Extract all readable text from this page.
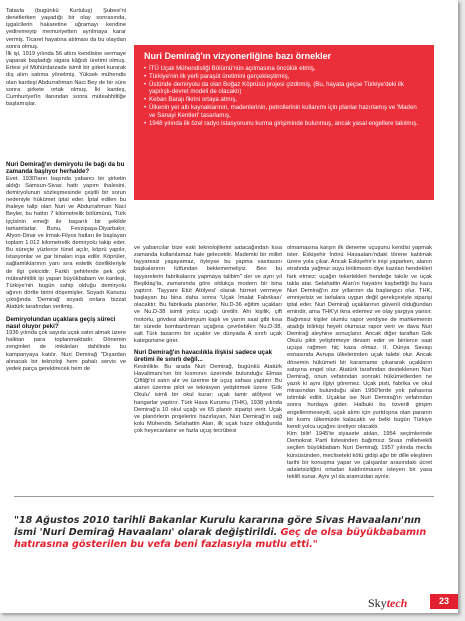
Tatavla (bugünkü Kurtuluş) Şubesi'ni denetlerken yaşadığı bir olay sonrasında, işgalcilerin hakaretine uğramayı kendine yediremeyip memuriyetten ayrılmaya karar vermiş. Ticaret hayatına atılması da bu olaydan sonra olmuş.

İlk işi, 1919 yılında 56 altını kendisine sermaye yaparak başladığı sigara kâğıdı üretimi olmuş. Ertesi yıl Mühürdarzade isimli bir şirket kurarak dış alım satıma yönelmiş. Yüksek mühendis olan kardeşi Abdurrahman Naci Bey de bir süre sonra şirkete ortak olmuş. İki kardeş, Cumhuriyet'in ilanından sonra müteahhitliğe başlamışlar.

Nuri Demirağ'ın demiryolu ile bağı da bu zamanda başlıyor herhalde?

Evet. 1930'ların başında yabancı bir şirketin aldığı Samsun-Sivas hattı yapım ihalesini, demiryolunun sözleşmesinde çeşitli bir sorun nedeniyle hükümet iptal eder. İptal edilen bu ihaleye talip olan Nuri ve Abdurrahman Naci Beyler, bu hattın 7 kilometrelik bölümünü, Türk işçisinin emeği ile başarılı bir şekilde tamamlarlar. Bunu, Fevzipaşa-Diyarbakır, Afyon-Dinar ve Irmak-Filyos hatları ile başlayan toplam 1.012 kilometrelik demiryolu takip eder. Bu süreçte yüzlerce tünel açılır, köprü yapılır, istasyonlar ve gar binaları inşa edilir. Köprüler, sağlamlıklarının yanı sıra estetik özellikleriyle de ilgi çekicidir. Farklı şehirlerde pek çok müteahhitlik işi yapan büyükbabam ve kardeşi, Türkiye'nin bugün sahip olduğu demiryolu ağının dörtte birini döşemişler. Soyadı Kanunu çıktığında 'Demirağ' soyadı onlara bizzat Atatürk tarafından verilmiş.

Demiryolundan uçaklara geçiş süreci nasıl oluyor peki?

1936 yılında çok sayıda uçak satın almak üzere halktan para toplanmaktadır. Dönemin zenginleri de imkânları dahilinde bu kampanyaya katılır. Nuri Demirağ "Dışardan alınacak bir teknoloji hem pahalı servis ve yedek parça gerektirecek hem de

Nuri Demirağ'ın vizyonerliğine bazı örnekler
• İTÜ Uçak Mühendisliği Bölümü'nün açılmasına öncülük etmiş,
• Türkiye'nin ilk yerli paraşüt üretimini gerçekleştirmiş,
• Üstünde demiryolu da olan Boğaz Köprüsü projesi çizdirmiş, (Bu, hayata geçse Türkiye'deki ilk yapılışlı-devret modeli de olacaktı)
• Keban Barajı fikrini ortaya atmış,
• Ülkenin yer altı kaynaklarının, madenlerinin, petrollerinin kullanımı için planlar hazırlamış ve 'Maden ve Sanayi Kentleri' tasarlamış,
• 1948 yılında ilk özel radyo istasyonunu kurma girişiminde bulunmuş, ancak yasal engellere takılmış.

ve yabancılar bize eski teknolojilerini satacağından kısa zamanda kullanılamaz hale gelecektir. Mademki bir millet tayyaresiz yaşayamaz, öyleyse bu yapma vasıtasını başkalarının lütfundan beklememeliyiz. Ben bu tayyarelerin fabrikalarını yapmaya talibim" der ve aynı yıl Beşiktaş'ta, zamanında göre oldukça modern bir bina yaptırır. 'Tayyare Etüt Atölyesi' olarak hizmet vermeye başlayan bu bina daha sonra 'Uçak İmalat Fabrikası' olacaktır. Bu fabrikada planörler, Nu.D-36 eğitim uçakları ve Nu.D-38 isimli yolcu uçağı üretilir. Ahı kişilik, çift motorlu, gövdesi alüminyum kaplı ve yarım saat gibi kısa bir sürede bombardıman uçağına çevrilebilen Nu.D-38, salt Türk tasarımı bir uçaktır ve dünyada A sınıfı uçak kategorisine girer.

Nuri Demirağ'ın havacılıkla ilişkisi sadece uçak üretimi ile sınırlı değil...

Kesinlikle. Bu arada Nuri Demirağ, bugünkü Atatürk Havalimanı'nın bir kısmının üzerinde bulunduğu Elmas Çiftliği'ni satın alır ve üzerine bir uçuş sahası yaptırır. Bu alanın üzerine pilot ve teknisyen yetiştirmek üzere 'Gök Okulu' isimli bir okul kurar; uçak tamir atölyesi ve hangarlar yaptırır. Türk Hava Kurumu (THK), 1938 yılında Demirağ'a 10 okul uçağı ve 65 planör siparişi verir. Uçak ve planörlerin projelerini hazırlayan, Nuri Demirağ'ın sağ kolu Mühendis Selahattin Alan, ilk uçak hazır olduğunda çok heyecanlanır ve fazla uçuş tecrübesi

olmamasına karşın ilk deneme uçuşunu kendisi yapmak ister. Eskişehir İnönü Havaalanı'ndaki törene katılmak üzere yola çıkar. Ancak Eskişehir'e inişi yaparken, alanın etrafında yağmur suyu birikmesin diye kazılan hendekleri fark etmez; uçağın tekerlekleri hendeğe takılır ve uçak takla atar. Selahattin Alan'ın hayatını kaybettiği bu kaza Nuri Demirağ'ın zor yıllarının da başlangıcı olur. THK, emniyetsiz ve tarlalara uygun değil gerekçesiyle siparişi iptal eder. Nuri Demirağ uçaklarının güvenli olduğundan emindir, ama THK'yi ikna edemez ve olay yargıya yansır. Bağımsız kişiler olumlu rapor verdiyse de mahkemenin atadığı bilirkişi heyeti olumsuz rapor verir ve dava Nuri Demirağ aleyhine sonuçlanır. Ancak diğer taraftan Gök Okulu pilot yetiştirmeye devam eder ve binlerce saat uçuşa rağmen hiç kaza olmaz. II. Dünya Savaşı esnasında Avrupa ülkelerinden uçak talebi olur. Ancak dönemin hükümeti bir kararname çıkararak uçakların satışına engel olur. Atatürk tarafından desteklenen Nuri Demirağ, onun vefatından sonraki hükümetlerden ne yazık ki aynı ilgiyi göremez. Uçak pisti, fabrika ve okul mirasından bulunduğu alan 1950'lerde yok pahasına istimlak edilir. Uçaklar ise Nuri Demirağ'ın vefatından sonra hurdaya gider. Halbuki bu özverili girişim engellenmeseydi, uçak alımı için yurtdışına olan paranın bir kısmı ülkemizde kalacaktı ve belki bugün Türkiye kendi yolcu uçağını üretiyor olacaktı.

Kim bilir! 1945'te siyasete atılan, 1954 seçimlerinde Demokrat Parti listesinden bağımsız Sivas milletvekili seçilen büyükbabam Nuri Demirağ, 1957 yılında meclis kürsüsünden, mecliseteki kötü gidişi ağır bir dille eleştiren tarihi bir konuşma yapar ve çalışanlar arasındaki ücret adaletsizliğini ortadan kaldırılmasını isteyen bir yasa teklifi sunar. Aynı yıl da aramızdan ayrılır.

"18 Ağustos 2010 tarihli Bakanlar Kurulu kararına göre Sivas Havaalanı'nın ismi 'Nuri Demirağ Havaalanı' olarak değiştirildi. Geç de olsa büyükbabamın hatırasına gösterilen bu vefa beni fazlasıyla mutlu etti."
Skytech	23
